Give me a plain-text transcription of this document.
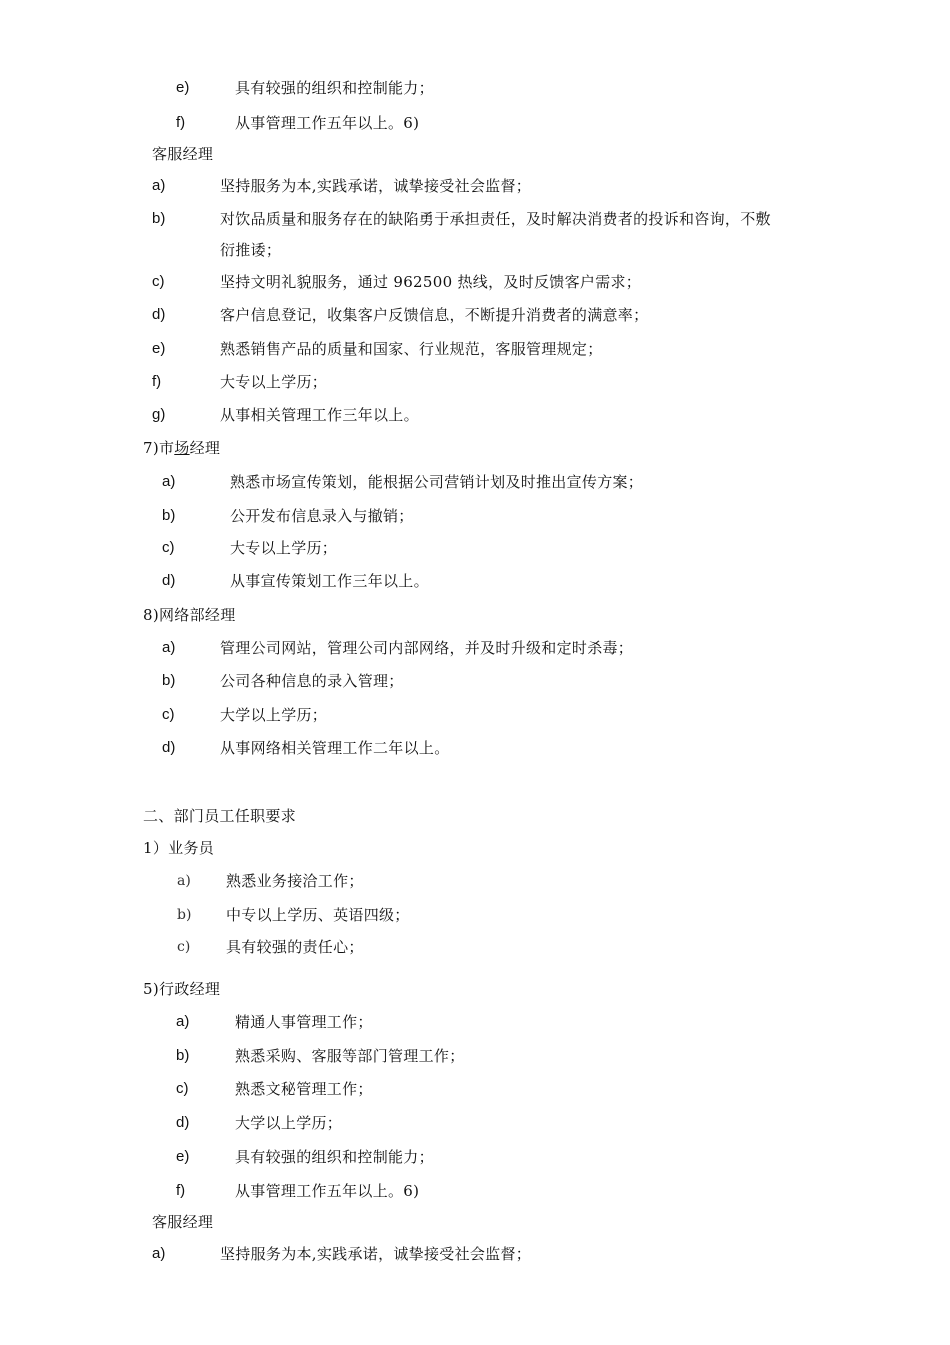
e)	具有较强的组织和控制能力；
f)	从事管理工作五年以上。6)
客服经理
a)	坚持服务为本,实践承诺，诚挚接受社会监督；
b)	对饮品质量和服务存在的缺陷勇于承担责任，及时解决消费者的投诉和咨询，不敷
衍推诿；
c)	坚持文明礼貌服务，通过 962500 热线，及时反馈客户需求；
d)	客户信息登记，收集客户反馈信息，不断提升消费者的满意率；
e)	熟悉销售产品的质量和国家、行业规范，客服管理规定；
f)	大专以上学历；
g)	从事相关管理工作三年以上。
7)市场经理
a)	熟悉市场宣传策划，能根据公司营销计划及时推出宣传方案；
b)	公开发布信息录入与撤销；
c)	大专以上学历；
d)	从事宣传策划工作三年以上。
8)网络部经理
a)	管理公司网站，管理公司内部网络，并及时升级和定时杀毒；
b)	公司各种信息的录入管理；
c)	大学以上学历；
d)	从事网络相关管理工作二年以上。
二、部门员工任职要求
1）业务员
a) 熟悉业务接洽工作；
b) 中专以上学历、英语四级；
c) 具有较强的责任心；
5)行政经理
a)	精通人事管理工作；
b)	熟悉采购、客服等部门管理工作；
c)	熟悉文秘管理工作；
d)	大学以上学历；
e)	具有较强的组织和控制能力；
f)	从事管理工作五年以上。6)
客服经理
a)	坚持服务为本,实践承诺，诚挚接受社会监督；
